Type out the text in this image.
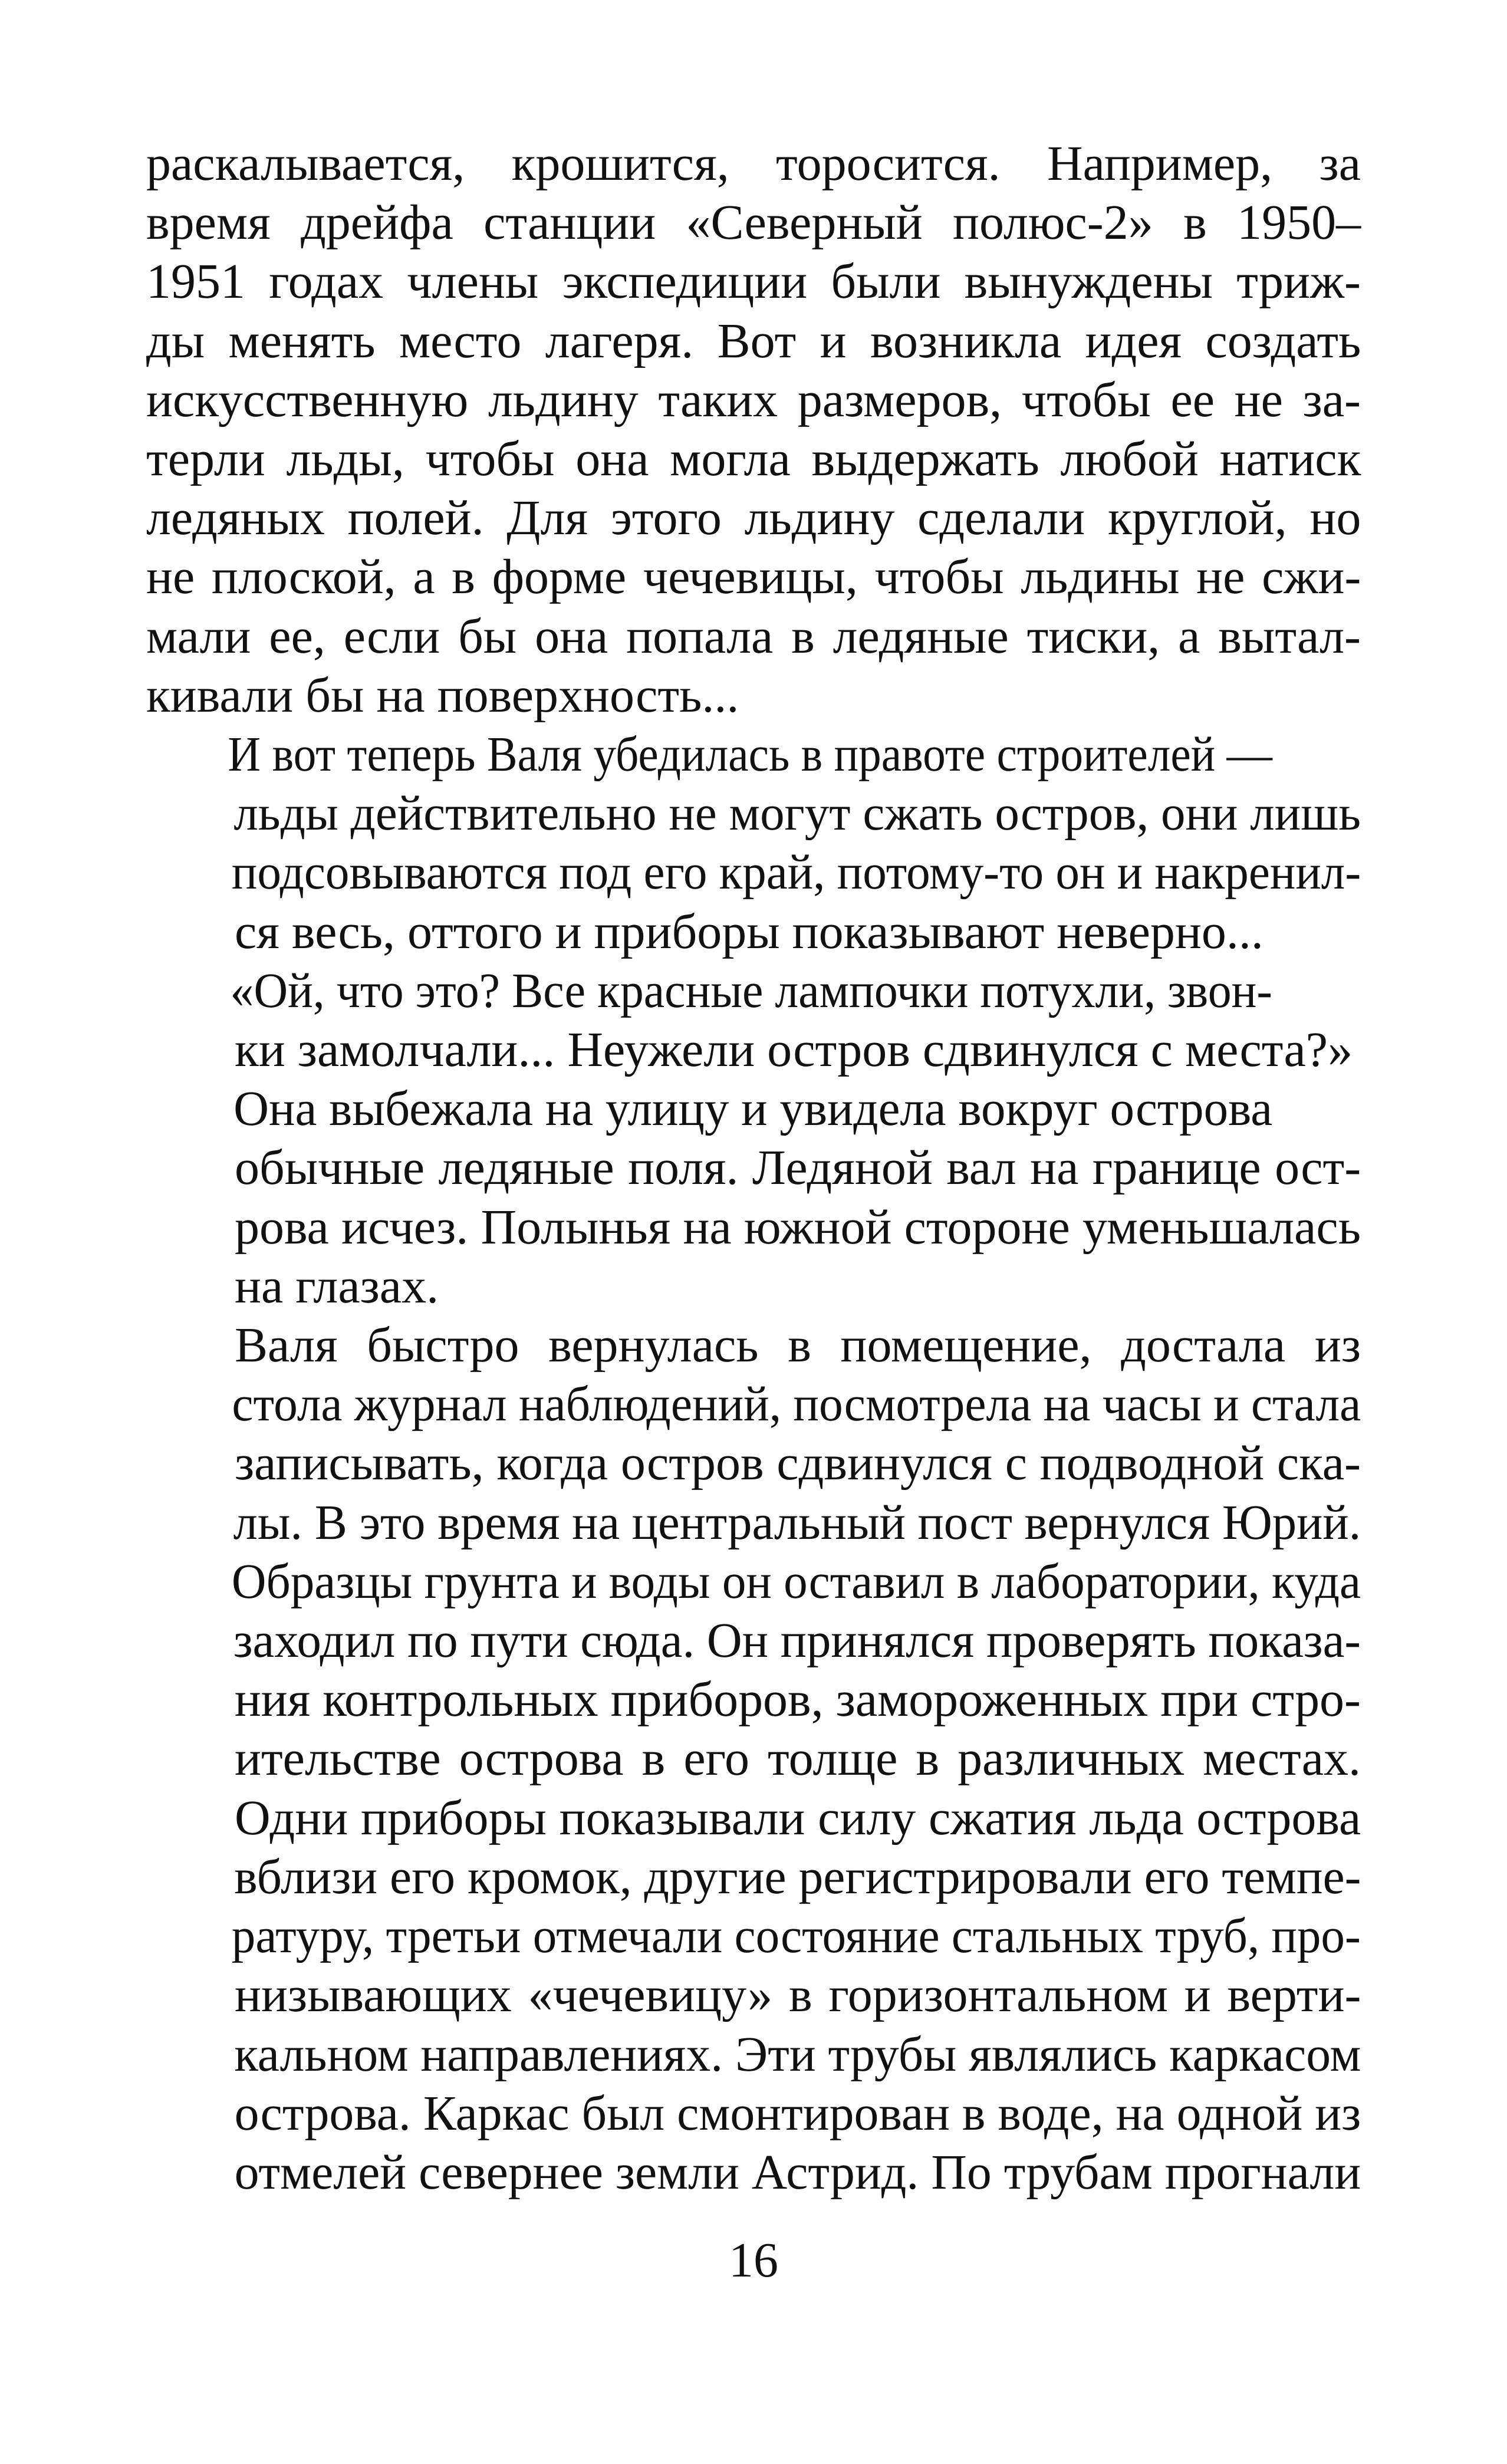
раскалывается, крошится, торосится. Например, за
время дрейфа станции «Северный полюс-2» в 1950–
1951 годах члены экспедиции были вынуждены триж-
ды менять место лагеря. Вот и возникла идея создать
искусственную льдину таких размеров, чтобы ее не за-
терли льды, чтобы она могла выдержать любой натиск
ледяных полей. Для этого льдину сделали круглой, но
не плоской, а в форме чечевицы, чтобы льдины не сжи-
мали ее, если бы она попала в ледяные тиски, а вытал-
кивали бы на поверхность...
И вот теперь Валя убедилась в правоте строителей —
льды действительно не могут сжать остров, они лишь
подсовываются под его край, потому-то он и накренил-
ся весь, оттого и приборы показывают неверно...
«Ой, что это? Все красные лампочки потухли, звон-
ки замолчали... Неужели остров сдвинулся с места?»
Она выбежала на улицу и увидела вокруг острова
обычные ледяные поля. Ледяной вал на границе ост-
рова исчез. Полынья на южной стороне уменьшалась
на глазах.
Валя быстро вернулась в помещение, достала из
стола журнал наблюдений, посмотрела на часы и стала
записывать, когда остров сдвинулся с подводной ска-
лы. В это время на центральный пост вернулся Юрий.
Образцы грунта и воды он оставил в лаборатории, куда
заходил по пути сюда. Он принялся проверять показа-
ния контрольных приборов, замороженных при стро-
ительстве острова в его толще в различных местах.
Одни приборы показывали силу сжатия льда острова
вблизи его кромок, другие регистрировали его темпе-
ратуру, третьи отмечали состояние стальных труб, про-
низывающих «чечевицу» в горизонтальном и верти-
кальном направлениях. Эти трубы являлись каркасом
острова. Каркас был смонтирован в воде, на одной из
отмелей севернее земли Астрид. По трубам прогнали
16
